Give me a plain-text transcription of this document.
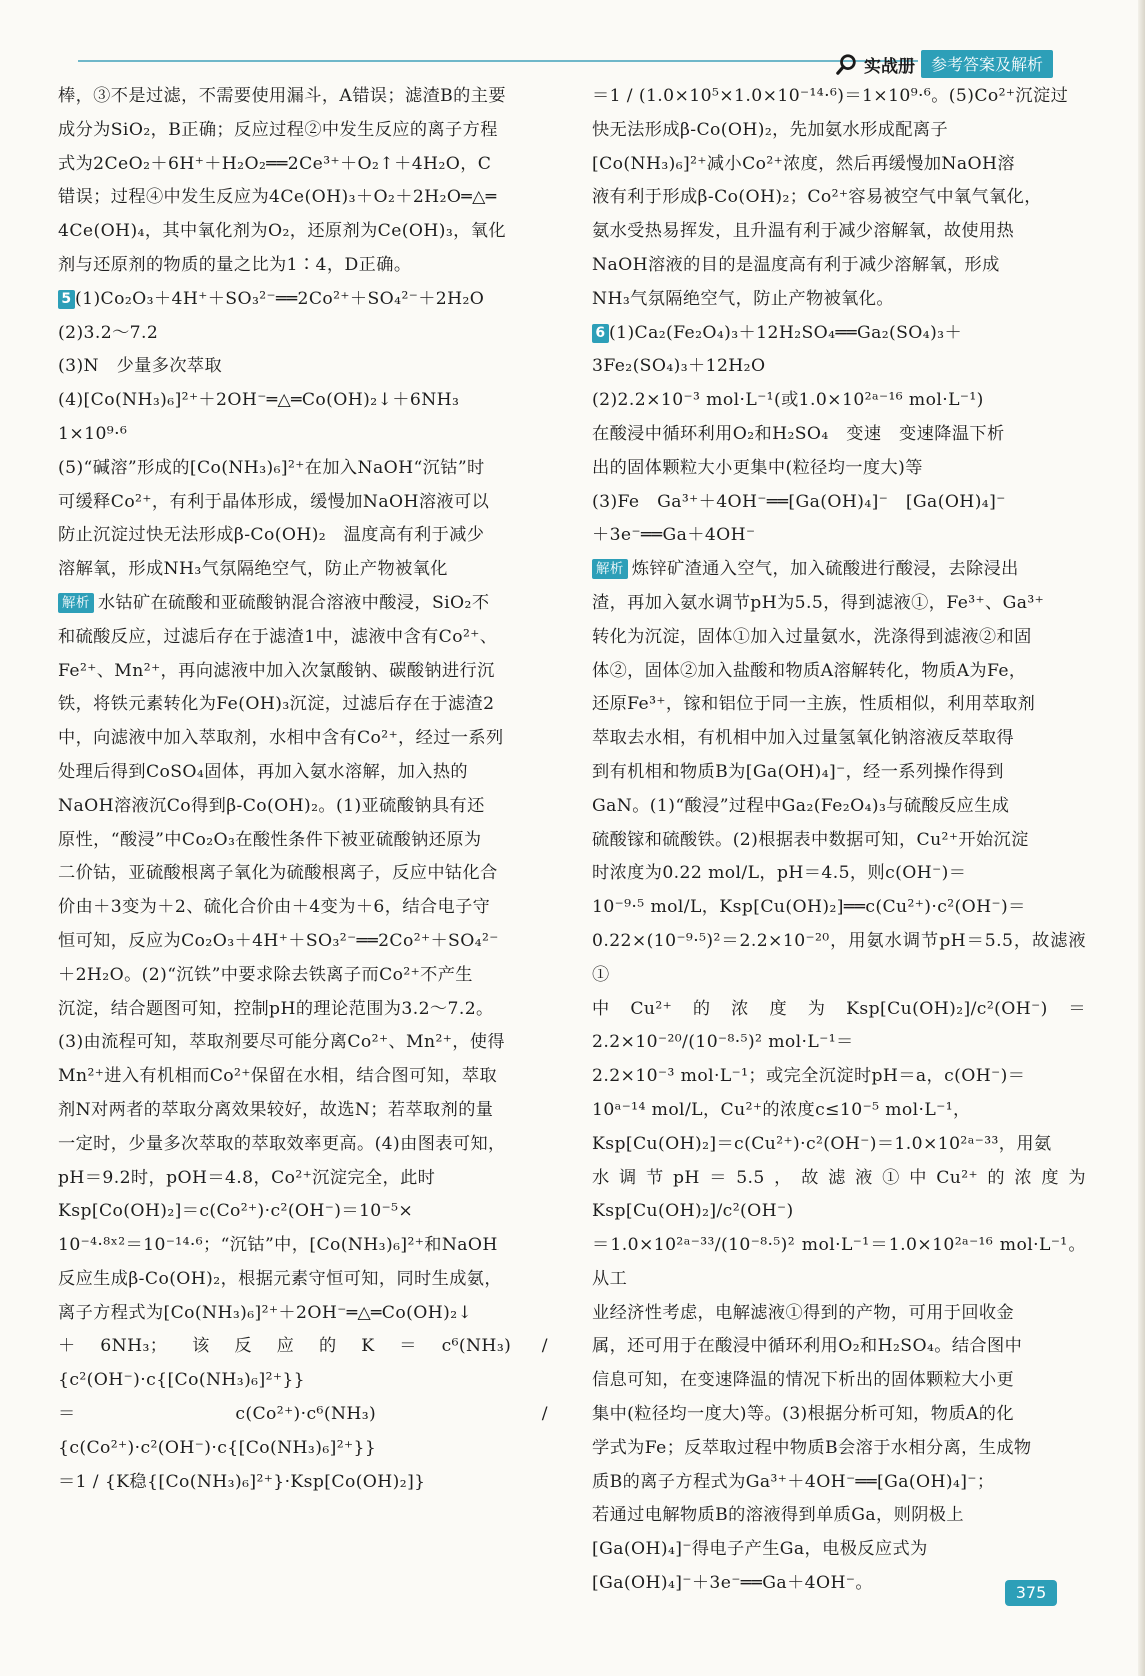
实战册	参考答案及解析

棒，③不是过滤，不需要使用漏斗，A错误；滤渣B的主要

成分为SiO₂，B正确；反应过程②中发生反应的离子方程

式为2CeO₂＋6H⁺＋H₂O₂══2Ce³⁺＋O₂↑＋4H₂O，C

错误；过程④中发生反应为4Ce(OH)₃＋O₂＋2H₂O═△═

4Ce(OH)₄，其中氧化剂为O₂，还原剂为Ce(OH)₃，氧化

剂与还原剂的物质的量之比为1∶4，D正确。

5 (1)Co₂O₃＋4H⁺＋SO₃²⁻══2Co²⁺＋SO₄²⁻＋2H₂O

(2)3.2～7.2

(3)N　少量多次萃取

(4)[Co(NH₃)₆]²⁺＋2OH⁻═△═Co(OH)₂↓＋6NH₃

1×10⁹·⁶

(5)“碱溶”形成的[Co(NH₃)₆]²⁺在加入NaOH“沉钴”时

可缓释Co²⁺，有利于晶体形成，缓慢加NaOH溶液可以

防止沉淀过快无法形成β-Co(OH)₂　温度高有利于减少

溶解氧，形成NH₃气氛隔绝空气，防止产物被氧化

解析 水钴矿在硫酸和亚硫酸钠混合溶液中酸浸，SiO₂不

和硫酸反应，过滤后存在于滤渣1中，滤液中含有Co²⁺、

Fe²⁺、Mn²⁺，再向滤液中加入次氯酸钠、碳酸钠进行沉

铁，将铁元素转化为Fe(OH)₃沉淀，过滤后存在于滤渣2

中，向滤液中加入萃取剂，水相中含有Co²⁺，经过一系列

处理后得到CoSO₄固体，再加入氨水溶解，加入热的

NaOH溶液沉Co得到β-Co(OH)₂。(1)亚硫酸钠具有还

原性，“酸浸”中Co₂O₃在酸性条件下被亚硫酸钠还原为

二价钴，亚硫酸根离子氧化为硫酸根离子，反应中钴化合

价由＋3变为＋2、硫化合价由＋4变为＋6，结合电子守

恒可知，反应为Co₂O₃＋4H⁺＋SO₃²⁻══2Co²⁺＋SO₄²⁻

＋2H₂O。(2)“沉铁”中要求除去铁离子而Co²⁺不产生

沉淀，结合题图可知，控制pH的理论范围为3.2～7.2。

(3)由流程可知，萃取剂要尽可能分离Co²⁺、Mn²⁺，使得

Mn²⁺进入有机相而Co²⁺保留在水相，结合图可知，萃取

剂N对两者的萃取分离效果较好，故选N；若萃取剂的量

一定时，少量多次萃取的萃取效率更高。(4)由图表可知，

pH＝9.2时，pOH＝4.8，Co²⁺沉淀完全，此时

Ksp[Co(OH)₂]＝c(Co²⁺)·c²(OH⁻)＝10⁻⁵×

10⁻⁴·⁸ˣ²＝10⁻¹⁴·⁶；“沉钴”中，[Co(NH₃)₆]²⁺和NaOH

反应生成β-Co(OH)₂，根据元素守恒可知，同时生成氨，

离子方程式为[Co(NH₃)₆]²⁺＋2OH⁻═△═Co(OH)₂↓

＋6NH₃；该反应的K＝c⁶(NH₃) / {c²(OH⁻)·c{[Co(NH₃)₆]²⁺}}

＝c(Co²⁺)·c⁶(NH₃) / {c(Co²⁺)·c²(OH⁻)·c{[Co(NH₃)₆]²⁺}}

＝1 / {K稳{[Co(NH₃)₆]²⁺}·Ksp[Co(OH)₂]}

＝1 / (1.0×10⁵×1.0×10⁻¹⁴·⁶)＝1×10⁹·⁶。(5)Co²⁺沉淀过

快无法形成β-Co(OH)₂，先加氨水形成配离子

[Co(NH₃)₆]²⁺减小Co²⁺浓度，然后再缓慢加NaOH溶

液有利于形成β-Co(OH)₂；Co²⁺容易被空气中氧气氧化，

氨水受热易挥发，且升温有利于减少溶解氧，故使用热

NaOH溶液的目的是温度高有利于减少溶解氧，形成

NH₃气氛隔绝空气，防止产物被氧化。

6 (1)Ca₂(Fe₂O₄)₃＋12H₂SO₄══Ga₂(SO₄)₃＋

3Fe₂(SO₄)₃＋12H₂O

(2)2.2×10⁻³ mol·L⁻¹(或1.0×10²ᵃ⁻¹⁶ mol·L⁻¹)

在酸浸中循环利用O₂和H₂SO₄　变速　变速降温下析

出的固体颗粒大小更集中(粒径均一度大)等

(3)Fe　Ga³⁺＋4OH⁻══[Ga(OH)₄]⁻　[Ga(OH)₄]⁻

＋3e⁻══Ga＋4OH⁻

解析 炼锌矿渣通入空气，加入硫酸进行酸浸，去除浸出

渣，再加入氨水调节pH为5.5，得到滤液①，Fe³⁺、Ga³⁺

转化为沉淀，固体①加入过量氨水，洗涤得到滤液②和固

体②，固体②加入盐酸和物质A溶解转化，物质A为Fe，

还原Fe³⁺，镓和铝位于同一主族，性质相似，利用萃取剂

萃取去水相，有机相中加入过量氢氧化钠溶液反萃取得

到有机相和物质B为[Ga(OH)₄]⁻，经一系列操作得到

GaN。(1)“酸浸”过程中Ga₂(Fe₂O₄)₃与硫酸反应生成

硫酸镓和硫酸铁。(2)根据表中数据可知，Cu²⁺开始沉淀

时浓度为0.22 mol/L，pH＝4.5，则c(OH⁻)＝

10⁻⁹·⁵ mol/L，Ksp[Cu(OH)₂]══c(Cu²⁺)·c²(OH⁻)＝

0.22×(10⁻⁹·⁵)²＝2.2×10⁻²⁰，用氨水调节pH＝5.5，故滤液①

中Cu²⁺的浓度为Ksp[Cu(OH)₂]/c²(OH⁻)＝2.2×10⁻²⁰/(10⁻⁸·⁵)² mol·L⁻¹＝

2.2×10⁻³ mol·L⁻¹；或完全沉淀时pH＝a，c(OH⁻)＝

10ᵃ⁻¹⁴ mol/L，Cu²⁺的浓度c≤10⁻⁵ mol·L⁻¹，

Ksp[Cu(OH)₂]＝c(Cu²⁺)·c²(OH⁻)＝1.0×10²ᵃ⁻³³，用氨

水调节pH＝5.5，故滤液①中Cu²⁺的浓度为Ksp[Cu(OH)₂]/c²(OH⁻)

＝1.0×10²ᵃ⁻³³/(10⁻⁸·⁵)² mol·L⁻¹＝1.0×10²ᵃ⁻¹⁶ mol·L⁻¹。从工

业经济性考虑，电解滤液①得到的产物，可用于回收金

属，还可用于在酸浸中循环利用O₂和H₂SO₄。结合图中

信息可知，在变速降温的情况下析出的固体颗粒大小更

集中(粒径均一度大)等。(3)根据分析可知，物质A的化

学式为Fe；反萃取过程中物质B会溶于水相分离，生成物

质B的离子方程式为Ga³⁺＋4OH⁻══[Ga(OH)₄]⁻；

若通过电解物质B的溶液得到单质Ga，则阴极上

[Ga(OH)₄]⁻得电子产生Ga，电极反应式为

[Ga(OH)₄]⁻＋3e⁻══Ga＋4OH⁻。	375
